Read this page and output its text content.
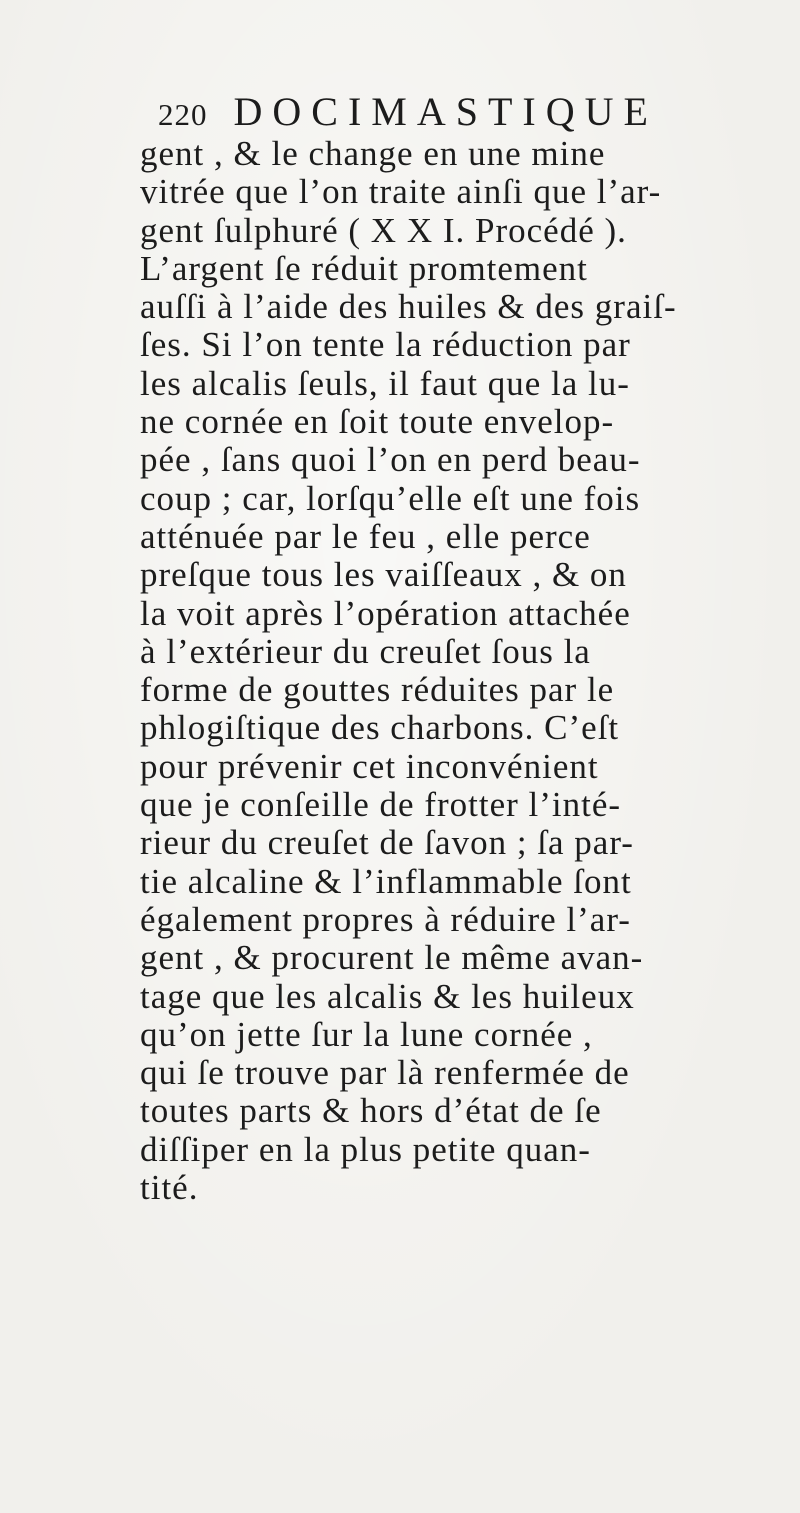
220 DOCIMASTIQUE
gent , & le change en une mine
vitrée que l’on traite ainſi que l’ar-
gent ſulphuré ( X X I. Procédé ).
L’argent ſe réduit promtement
auſſi à l’aide des huiles & des graiſ-
ſes. Si l’on tente la réduction par
les alcalis ſeuls, il faut que la lu-
ne cornée en ſoit toute envelop-
pée , ſans quoi l’on en perd beau-
coup ; car, lorſqu’elle eſt une fois
atténuée par le feu , elle perce
preſque tous les vaiſſeaux , & on
la voit après l’opération attachée
à l’extérieur du creuſet ſous la
forme de gouttes réduites par le
phlogiſtique des charbons. C’eſt
pour prévenir cet inconvénient
que je conſeille de frotter l’inté-
rieur du creuſet de ſavon ; ſa par-
tie alcaline & l’inflammable ſont
également propres à réduire l’ar-
gent , & procurent le même avan-
tage que les alcalis & les huileux
qu’on jette ſur la lune cornée ,
qui ſe trouve par là renfermée de
toutes parts & hors d’état de ſe
diſſiper en la plus petite quan-
tité.
